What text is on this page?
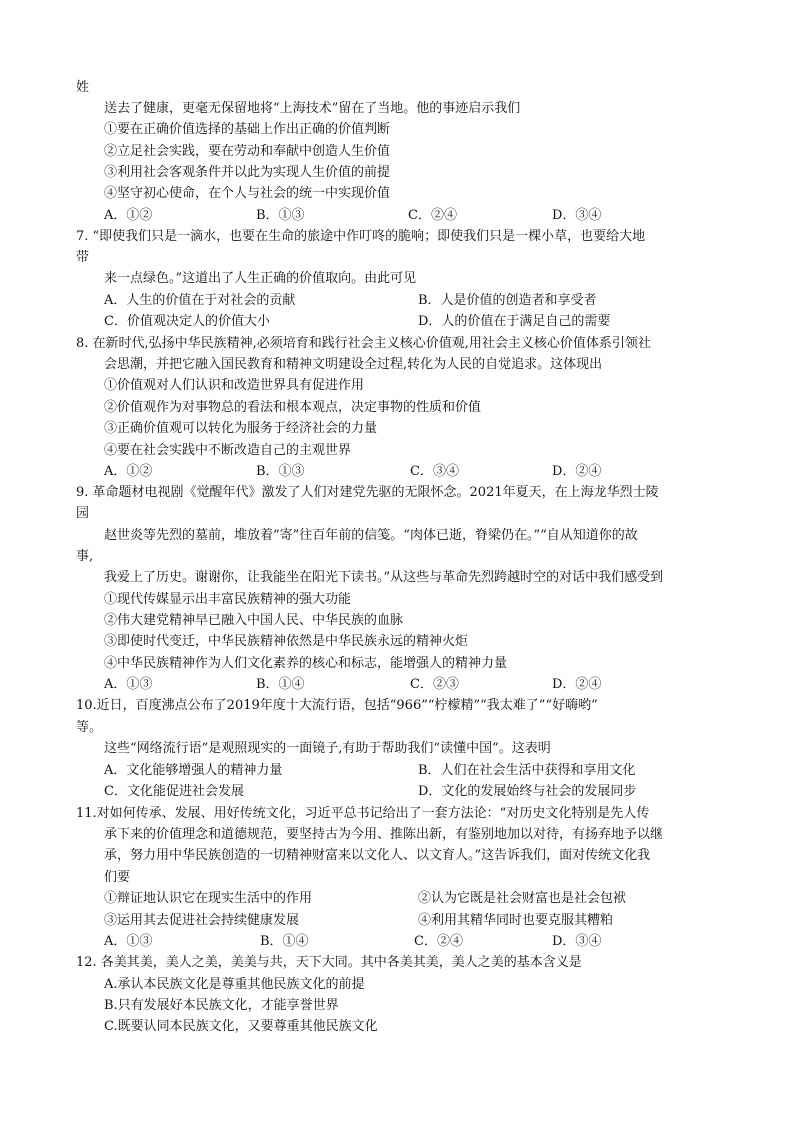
姓
送去了健康，更毫无保留地将“上海技术”留在了当地。他的事迹启示我们
①要在正确价值选择的基础上作出正确的价值判断
②立足社会实践，要在劳动和奉献中创造人生价值
③利用社会客观条件并以此为实现人生价值的前提
④坚守初心使命，在个人与社会的统一中实现价值
A．①②	B．①③	C．②④	D．③④
7. “即使我们只是一滴水，也要在生命的旅途中作叮咚的脆响；即使我们只是一棵小草，也要给大地
带
来一点绿色。”这道出了人生正确的价值取向。由此可见
A．人生的价值在于对社会的贡献	B．人是价值的创造者和享受者
C．价值观决定人的价值大小	D．人的价值在于满足自己的需要
8. 在新时代,弘扬中华民族精神,必须培育和践行社会主义核心价值观,用社会主义核心价值体系引领社
会思潮，并把它融入国民教育和精神文明建设全过程,转化为人民的自觉追求。这体现出
①价值观对人们认识和改造世界具有促进作用
②价值观作为对事物总的看法和根本观点，决定事物的性质和价值
③正确价值观可以转化为服务于经济社会的力量
④要在社会实践中不断改造自己的主观世界
A．①②	B．①③	C．③④	D．②④
9. 革命题材电视剧《觉醒年代》激发了人们对建党先驱的无限怀念。2021年夏天，在上海龙华烈士陵
园
赵世炎等先烈的墓前，堆放着“寄”往百年前的信笺。“肉体已逝，脊梁仍在。”“自从知道你的故
事,
我爱上了历史。谢谢你，让我能坐在阳光下读书。”从这些与革命先烈跨越时空的对话中我们感受到
①现代传媒显示出丰富民族精神的强大功能
②伟大建党精神早已融入中国人民、中华民族的血脉
③即使时代变迁，中华民族精神依然是中华民族永远的精神火炬
④中华民族精神作为人们文化素养的核心和标志，能增强人的精神力量
A．①③	B．①④	C．②③	D．②④
10.近日，百度沸点公布了2019年度十大流行语，包括“966”“柠檬精”“我太难了”“好嗨哟”
等。
这些“网络流行语”是观照现实的一面镜子,有助于帮助我们“读懂中国”。这表明
A．文化能够增强人的精神力量	B．人们在社会生活中获得和享用文化
C．文化能促进社会发展	D．文化的发展始终与社会的发展同步
11.对如何传承、发展、用好传统文化，习近平总书记给出了一套方法论：“对历史文化特别是先人传
承下来的价值理念和道德规范，要坚持古为今用、推陈出新，有鉴别地加以对待，有扬弃地予以继
承，努力用中华民族创造的一切精神财富来以文化人、以文育人。”这告诉我们，面对传统文化我
们要
①辩证地认识它在现实生活中的作用	②认为它既是社会财富也是社会包袱
③运用其去促进社会持续健康发展	④利用其精华同时也要克服其糟粕
A．①③	B．①④	C．②④	D．③④
12. 各美其美，美人之美，美美与共，天下大同。其中各美其美，美人之美的基本含义是
A.承认本民族文化是尊重其他民族文化的前提
B.只有发展好本民族文化，才能享誉世界
C.既要认同本民族文化，又要尊重其他民族文化
